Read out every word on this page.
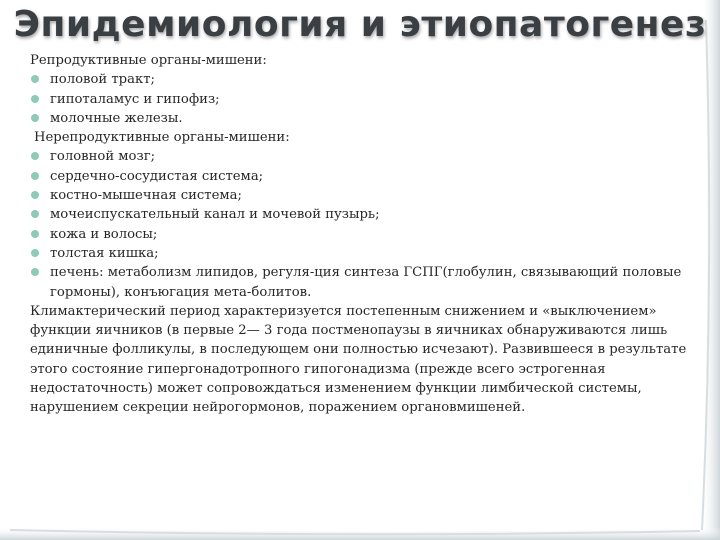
Эпидемиология и этиопатогенез

Репродуктивные органы-мишени:

половой тракт;
гипоталамус и гипофиз;
молочные железы.

Нерепродуктивные органы-мишени:

головной мозг;
сердечно-сосудистая система;
костно-мышечная система;
мочеиспускательный канал и мочевой пузырь;
кожа и волосы;
толстая кишка;
печень: метаболизм липидов, регуля-ция синтеза ГСПГ(глобулин, связывающий половые гормоны), конъюгация мета-болитов.

Климактерический период характеризуется постепенным снижением и «выключением» функции яичников (в первые 2— 3 года постменопаузы в яичниках обнаруживаются лишь единичные фолликулы, в последующем они полностью исчезают). Развившееся в результате этого состояние гипергонадотропного гипогонадизма (прежде всего эстрогенная недостаточность) может сопровождаться изменением функции лимбической системы, нарушением секреции нейрогормонов, поражением органовмишеней.
